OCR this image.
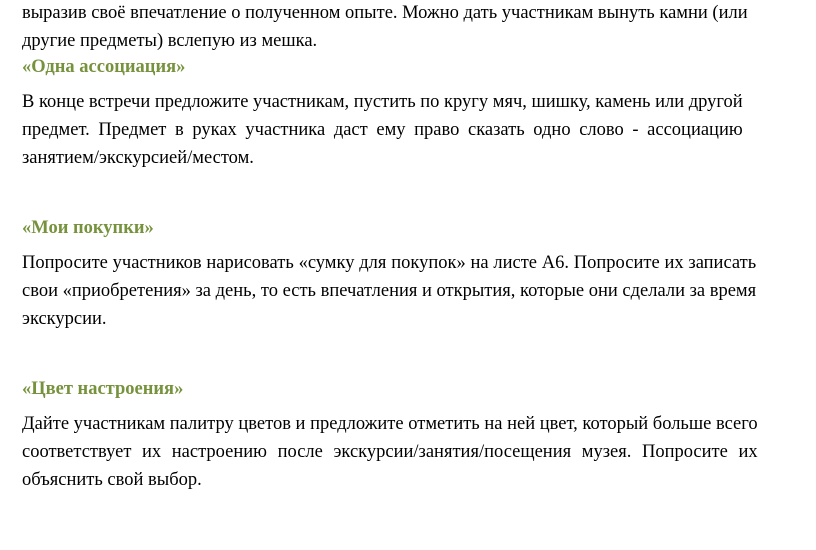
выразив своё впечатление о полученном опыте. Можно дать участникам вынуть камни (или
другие предметы) вслепую из мешка.

«Одна ассоциация»

В конце встречи предложите участникам, пустить по кругу мяч, шишку, камень или другой
предмет. Предмет в руках участника даст ему право сказать одно слово - ассоциацию
занятием/экскурсией/местом.

«Мои покупки»

Попросите участников нарисовать «сумку для покупок» на листе А6. Попросите их записать
свои «приобретения» за день, то есть впечатления и открытия, которые они сделали за время
экскурсии.

«Цвет настроения»

Дайте участникам палитру цветов и предложите отметить на ней цвет, который больше всего
соответствует их настроению после экскурсии/занятия/посещения музея. Попросите их
объяснить свой выбор.
